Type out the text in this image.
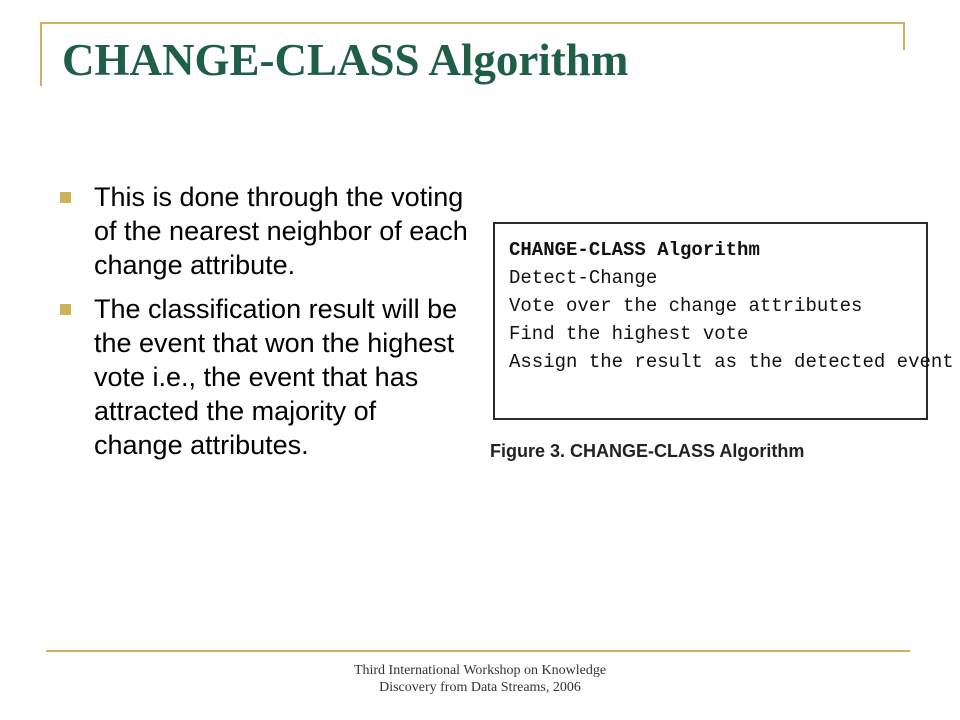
CHANGE-CLASS Algorithm
This is done through the voting of the nearest neighbor of each change attribute.
The classification result will be the event that won the highest vote i.e., the event that has attracted the majority of change attributes.
CHANGE-CLASS Algorithm
Detect-Change
Vote over the change attributes
Find the highest vote
Assign the result as the detected event
Figure 3. CHANGE-CLASS Algorithm
Third International Workshop on Knowledge
Discovery from Data Streams, 2006
